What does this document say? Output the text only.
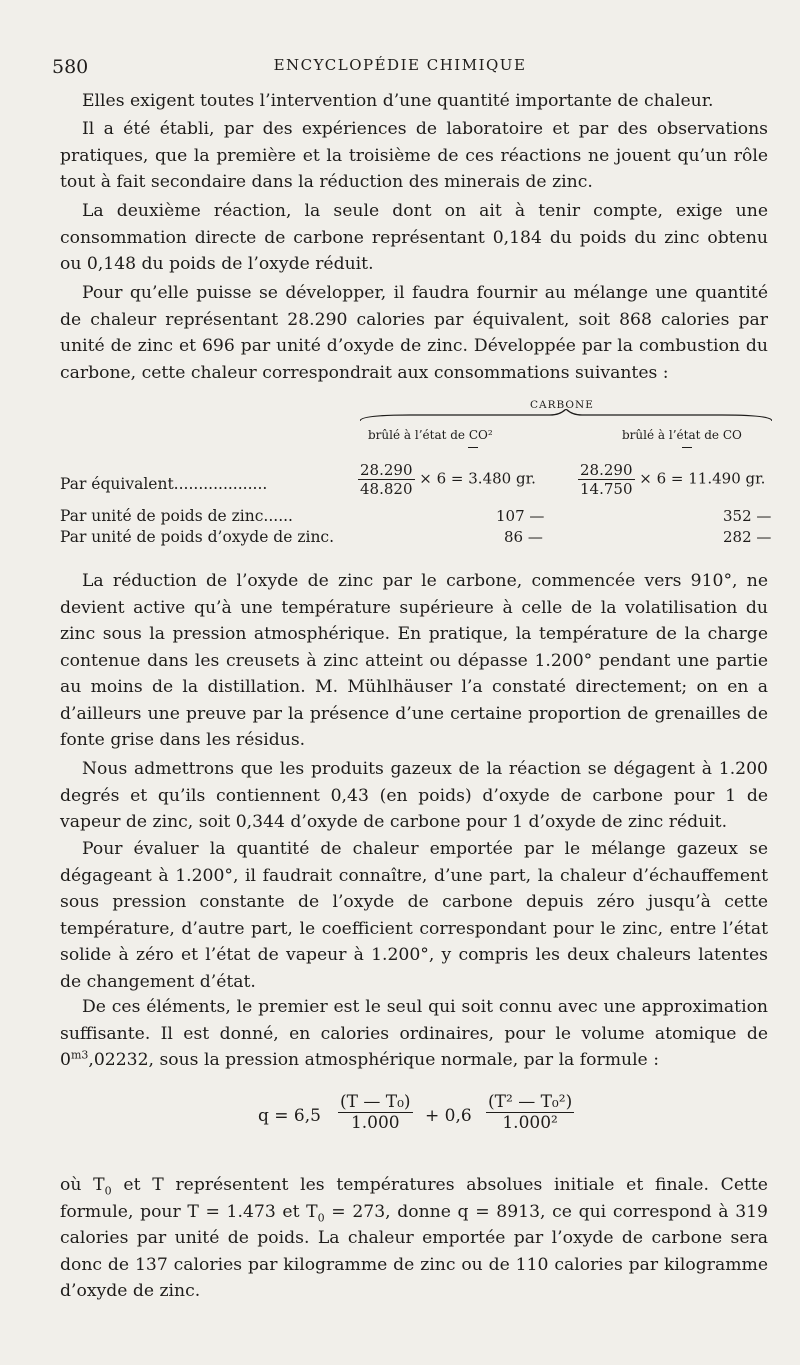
580	ENCYCLOPÉDIE CHIMIQUE

Elles exigent toutes l’intervention d’une quantité importante de chaleur.

Il a été établi, par des expériences de laboratoire et par des observations pratiques, que la première et la troisième de ces réactions ne jouent qu’un rôle tout à fait secondaire dans la réduction des minerais de zinc.

La deuxième réaction, la seule dont on ait à tenir compte, exige une consommation directe de carbone représentant 0,184 du poids du zinc obtenu ou 0,148 du poids de l’oxyde réduit.

Pour qu’elle puisse se développer, il faudra fournir au mélange une quantité de chaleur représentant 28.290 calories par équivalent, soit 868 calories par unité de zinc et 696 par unité d’oxyde de zinc. Développée par la combustion du carbone, cette chaleur correspondrait aux consommations suivantes :

CARBONE
brûlé à l’état de CO²	brûlé à l’état de CO
Par équivalent...................	$\frac{28.290}{48.820} \times 6 = 3.480$ gr.	$\frac{28.290}{14.750} \times 6 = 11.490$ gr.
Par unité de poids de zinc......	107 —	352 —
Par unité de poids d’oxyde de zinc.	86 —	282 —

La réduction de l’oxyde de zinc par le carbone, commencée vers 910°, ne devient active qu’à une température supérieure à celle de la volatilisation du zinc sous la pression atmosphérique. En pratique, la température de la charge contenue dans les creusets à zinc atteint ou dépasse 1.200° pendant une partie au moins de la distillation. M. Mühlhäuser l’a constaté directement; on en a d’ailleurs une preuve par la présence d’une certaine proportion de grenailles de fonte grise dans les résidus.

Nous admettrons que les produits gazeux de la réaction se dégagent à 1.200 degrés et qu’ils contiennent 0,43 (en poids) d’oxyde de carbone pour 1 de vapeur de zinc, soit 0,344 d’oxyde de carbone pour 1 d’oxyde de zinc réduit.

Pour évaluer la quantité de chaleur emportée par le mélange gazeux se dégageant à 1.200°, il faudrait connaître, d’une part, la chaleur d’échauffement sous pression constante de l’oxyde de carbone depuis zéro jusqu’à cette température, d’autre part, le coefficient correspondant pour le zinc, entre l’état solide à zéro et l’état de vapeur à 1.200°, y compris les deux chaleurs latentes de changement d’état.

De ces éléments, le premier est le seul qui soit connu avec une approximation suffisante. Il est donné, en calories ordinaires, pour le volume atomique de $0^{m3},02232$, sous la pression atmosphérique normale, par la formule :

$q = 6,5 \frac{\text{(T — T₀)}}{1.000} + 0,6 \frac{\text{(T² — T₀²)}}{\text{1.000²}}$

où $T_0$ et T représentent les températures absolues initiale et finale. Cette formule, pour T = 1.473 et $T_0 = 273$, donne q = 8913, ce qui correspond à 319 calories par unité de poids. La chaleur emportée par l’oxyde de carbone sera donc de 137 calories par kilogramme de zinc ou de 110 calories par kilogramme d’oxyde de zinc.
